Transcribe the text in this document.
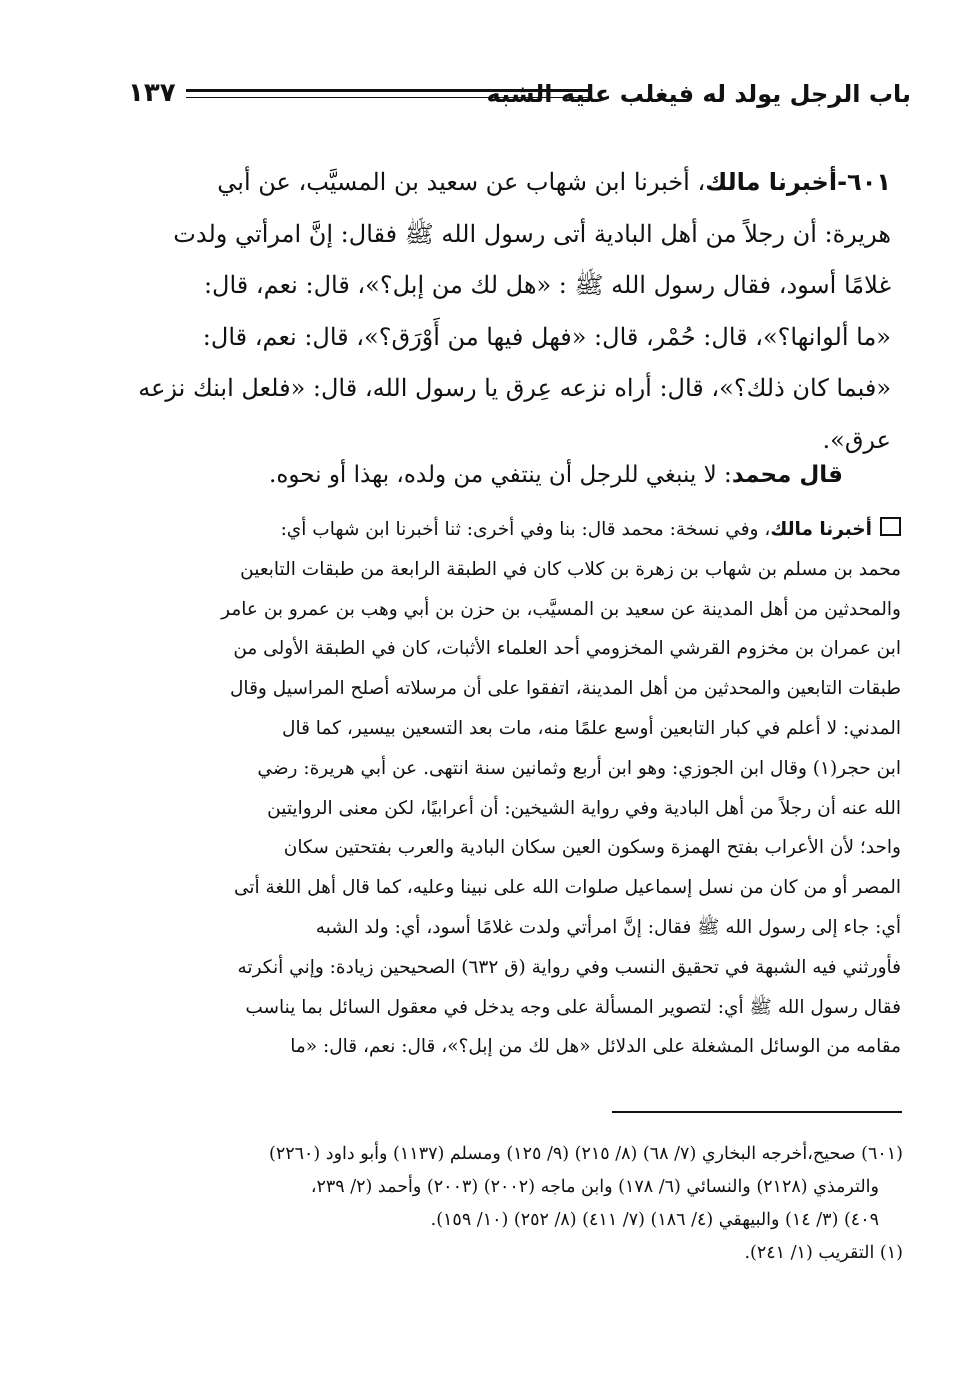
باب الرجل يولد له فيغلب عليه الشبه
١٣٧
٦٠١-أخبرنا مالك، أخبرنا ابن شهاب عن سعيد بن المسيَّب، عن أبي
هريرة: أن رجلاً من أهل البادية أتى رسول الله ﷺ فقال: إنَّ امرأتي ولدت
غلامًا أسود، فقال رسول الله ﷺ : «هل لك من إبل؟»، قال: نعم، قال:
«ما ألوانها؟»، قال: حُمْر، قال: «فهل فيها من أَوْرَق؟»، قال: نعم، قال:
«فبما كان ذلك؟»، قال: أراه نزعه عِرق يا رسول الله، قال: «فلعل ابنك نزعه
عرق».
قال محمد: لا ينبغي للرجل أن ينتفي من ولده، بهذا أو نحوه.
أخبرنا مالك، وفي نسخة: محمد قال: بنا وفي أخرى: ثنا أخبرنا ابن شهاب أي:
محمد بن مسلم بن شهاب بن زهرة بن كلاب كان في الطبقة الرابعة من طبقات التابعين
والمحدثين من أهل المدينة عن سعيد بن المسيَّب، بن حزن بن أبي وهب بن عمرو بن عامر
ابن عمران بن مخزوم القرشي المخزومي أحد العلماء الأثبات، كان في الطبقة الأولى من
طبقات التابعين والمحدثين من أهل المدينة، اتفقوا على أن مرسلاته أصلح المراسيل وقال
المدني: لا أعلم في كبار التابعين أوسع علمًا منه، مات بعد التسعين بيسير، كما قال
ابن حجر(١) وقال ابن الجوزي: وهو ابن أربع وثمانين سنة انتهى. عن أبي هريرة: رضي
الله عنه أن رجلاً من أهل البادية وفي رواية الشيخين: أن أعرابيًا، لكن معنى الروايتين
واحد؛ لأن الأعراب بفتح الهمزة وسكون العين سكان البادية والعرب بفتحتين سكان
المصر أو من كان من نسل إسماعيل صلوات الله على نبينا وعليه، كما قال أهل اللغة أتى
أي: جاء إلى رسول الله ﷺ فقال: إنَّ امرأتي ولدت غلامًا أسود، أي: ولد الشبه
فأورثني فيه الشبهة في تحقيق النسب وفي رواية (ق ٦٣٢) الصحيحين زيادة: وإني أنكرته
فقال رسول الله ﷺ أي: لتصوير المسألة على وجه يدخل في معقول السائل بما يناسب
مقامه من الوسائل المشغلة على الدلائل «هل لك من إبل؟»، قال: نعم، قال: «ما
(٦٠١) صحيح،أخرجه البخاري (٧/ ٦٨) (٨/ ٢١٥) (٩/ ١٢٥) ومسلم (١١٣٧) وأبو داود (٢٢٦٠)
والترمذي (٢١٢٨) والنسائي (٦/ ١٧٨) وابن ماجه (٢٠٠٢) (٢٠٠٣) وأحمد (٢/ ٢٣٩،
٤٠٩) (٣/ ١٤) والبيهقي (٤/ ١٨٦) (٧/ ٤١١) (٨/ ٢٥٢) (١٠/ ١٥٩).
(١) التقريب (١/ ٢٤١).
